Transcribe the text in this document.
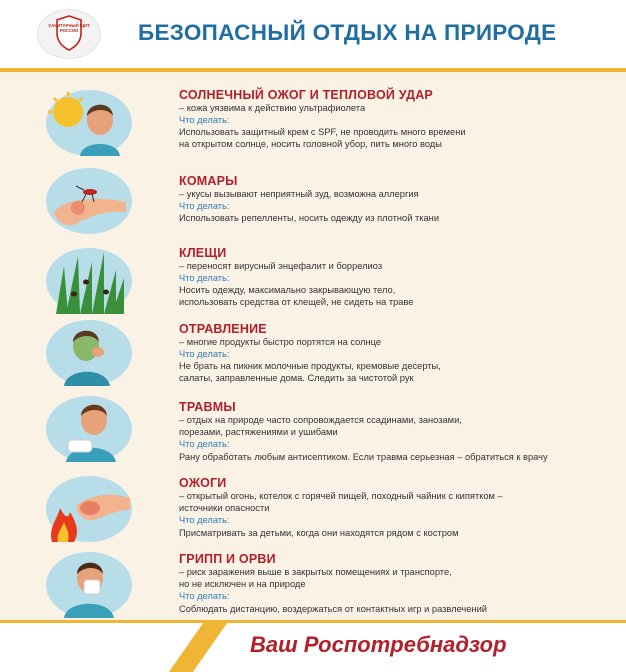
САНИТАРНЫЙ ЩИТ РОССИИ	БЕЗОПАСНЫЙ ОТДЫХ НА ПРИРОДЕ
СОЛНЕЧНЫЙ ОЖОГ И ТЕПЛОВОЙ УДАР
– кожа уязвима к действию ультрафиолета
Что делать:
Использовать защитный крем с SPF, не проводить много времени
на открытом солнце, носить головной убор, пить много воды
КОМАРЫ
– укусы вызывают неприятный зуд, возможна аллергия
Что делать:
Использовать репелленты, носить одежду из плотной ткани
КЛЕЩИ
– переносят вирусный энцефалит и боррелиоз
Что делать:
Носить одежду, максимально закрывающую тело,
использовать средства от клещей, не сидеть на траве
ОТРАВЛЕНИЕ
– многие продукты быстро портятся на солнце
Что делать:
Не брать на пикник молочные продукты, кремовые десерты,
салаты, заправленные дома. Следить за чистотой рук
ТРАВМЫ
– отдых на природе часто сопровождается ссадинами, занозами,
порезами, растяжениями и ушибами
Что делать:
Рану обработать любым антисептиком. Если травма серьезная – обратиться к врачу
ОЖОГИ
– открытый огонь, котелок с горячей пищей, походный чайник с кипятком –
источники опасности
Что делать:
Присматривать за детьми, когда они находятся рядом с костром
ГРИПП И ОРВИ
– риск заражения выше в закрытых помещениях и транспорте,
но не исключен и на природе
Что делать:
Соблюдать дистанцию, воздержаться от контактных игр и развлечений
Ваш Роспотребнадзор
